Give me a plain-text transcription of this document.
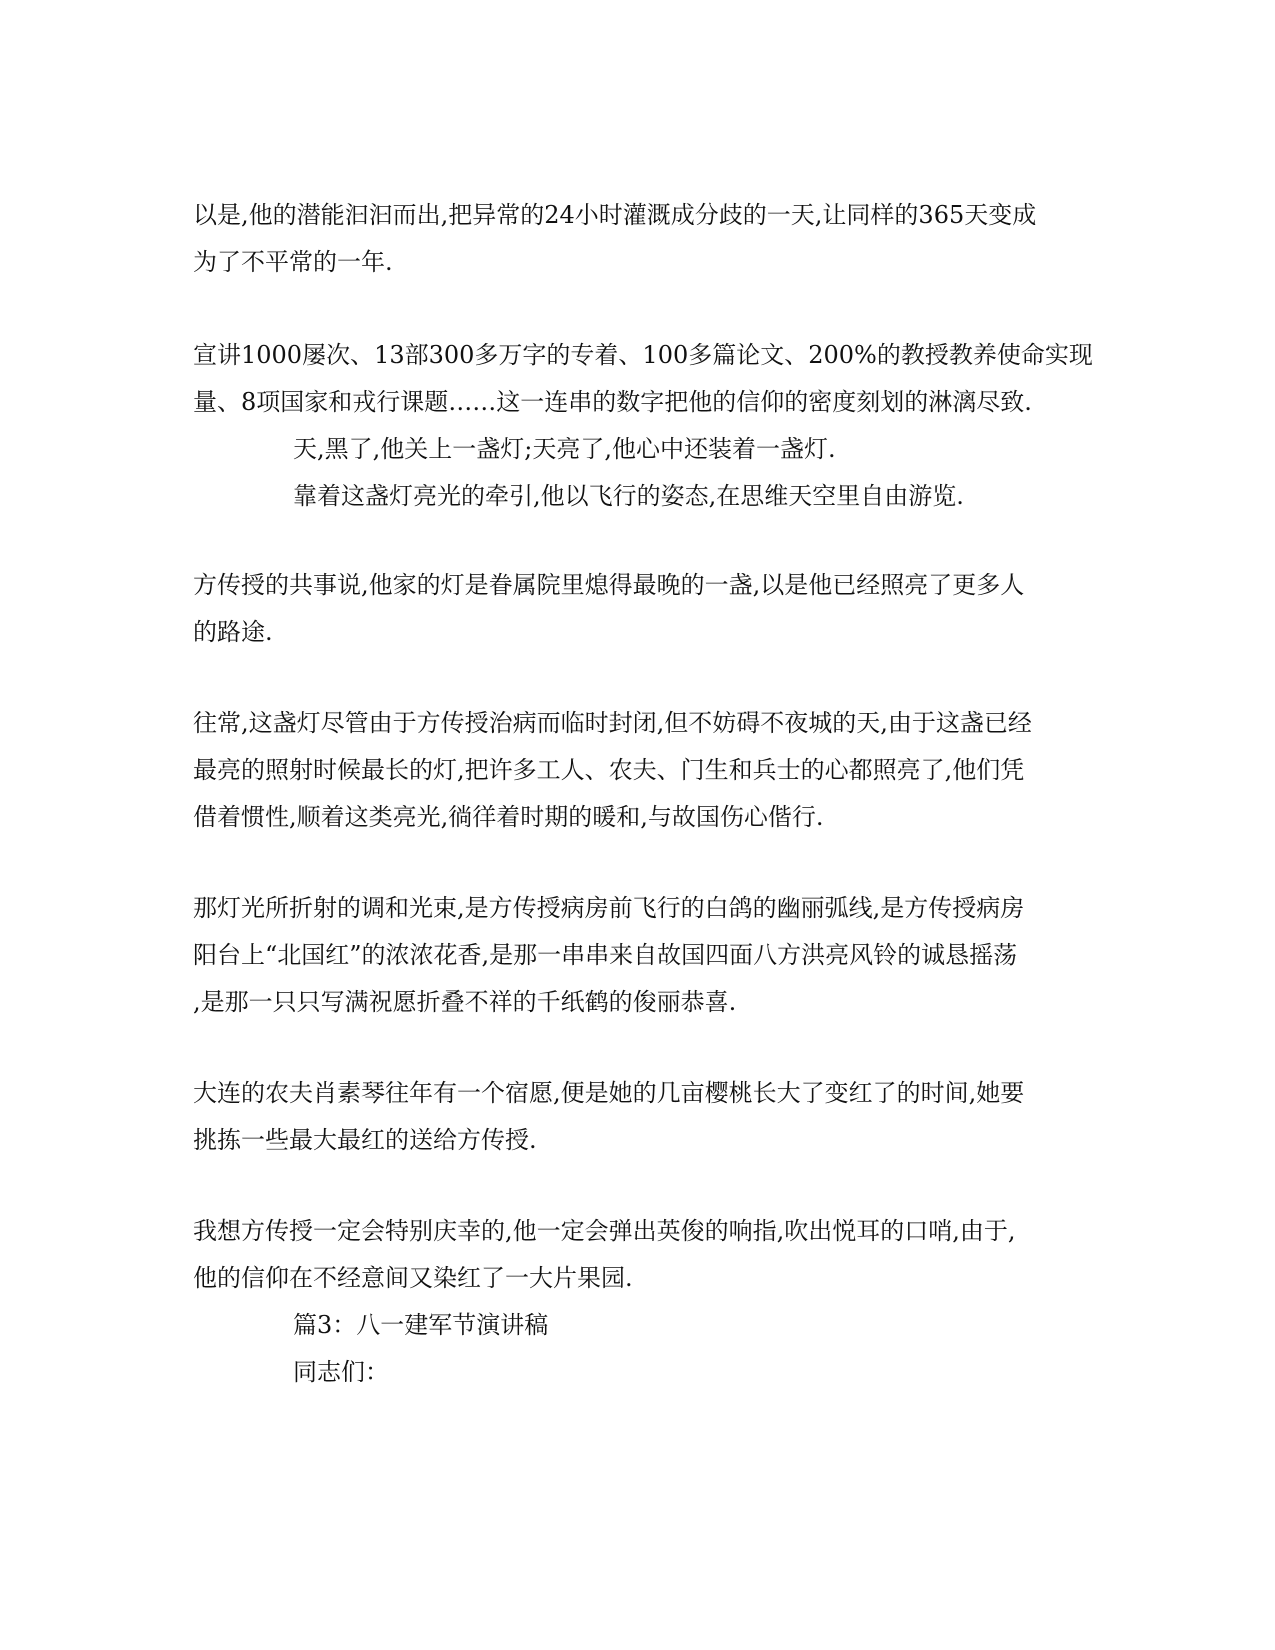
以是,他的潜能汩汩而出,把异常的24小时灌溉成分歧的一天,让同样的365天变成
为了不平常的一年.
宣讲1000屡次、13部300多万字的专着、100多篇论文、200%的教授教养使命实现
量、8项国家和戎行课题……这一连串的数字把他的信仰的密度刻划的淋漓尽致.
天,黑了,他关上一盏灯;天亮了,他心中还装着一盏灯.
靠着这盏灯亮光的牵引,他以飞行的姿态,在思维天空里自由游览.
方传授的共事说,他家的灯是眷属院里熄得最晚的一盏,以是他已经照亮了更多人
的路途.
往常,这盏灯尽管由于方传授治病而临时封闭,但不妨碍不夜城的天,由于这盏已经
最亮的照射时候最长的灯,把许多工人、农夫、门生和兵士的心都照亮了,他们凭
借着惯性,顺着这类亮光,徜徉着时期的暖和,与故国伤心偕行.
那灯光所折射的调和光束,是方传授病房前飞行的白鸽的幽丽弧线,是方传授病房
阳台上“北国红”的浓浓花香,是那一串串来自故国四面八方洪亮风铃的诚恳摇荡
,是那一只只写满祝愿折叠不祥的千纸鹤的俊丽恭喜.
大连的农夫肖素琴往年有一个宿愿,便是她的几亩樱桃长大了变红了的时间,她要
挑拣一些最大最红的送给方传授.
我想方传授一定会特别庆幸的,他一定会弹出英俊的响指,吹出悦耳的口哨,由于,
他的信仰在不经意间又染红了一大片果园.
篇3：八一建军节演讲稿
同志们：
